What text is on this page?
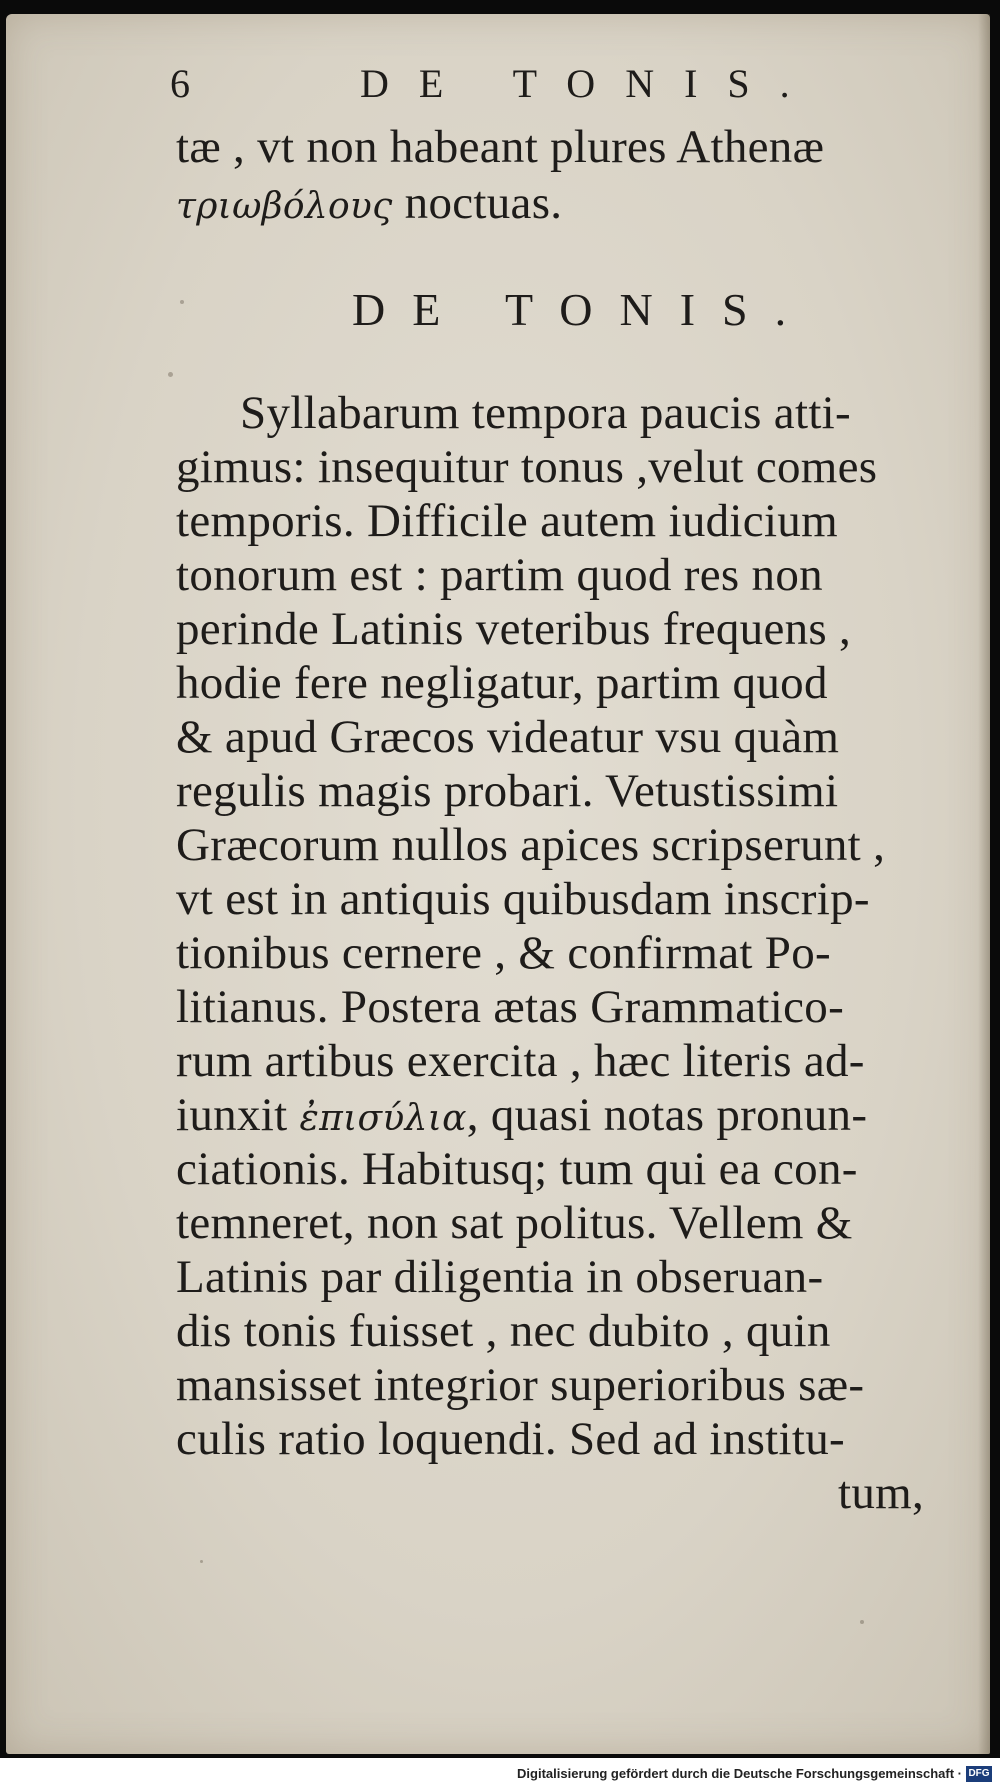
6	DE TONIS.
tæ , vt non habeant plures Athenæ
τριωβόλους noctuas.
DE TONIS.
Syllabarum tempora paucis atti-
gimus: insequitur tonus ,velut comes
temporis. Difficile autem iudicium
tonorum est : partim quod res non
perinde Latinis veteribus frequens ,
hodie fere negligatur, partim quod
& apud Græcos videatur vsu quàm
regulis magis probari. Vetustissimi
Græcorum nullos apices scripserunt ,
vt est in antiquis quibusdam inscrip-
tionibus cernere , & confirmat Po-
litianus. Postera ætas Grammatico-
rum artibus exercita , hæc literis ad-
iunxit ἐπισύλια, quasi notas pronun-
ciationis. Habitusq; tum qui ea con-
temneret, non sat politus. Vellem &
Latinis par diligentia in obseruan-
dis tonis fuisset , nec dubito , quin
mansisset integrior superioribus sæ-
culis ratio loquendi. Sed ad institu-
tum,
Digitalisierung gefördert durch die Deutsche Forschungsgemeinschaft · DFG
